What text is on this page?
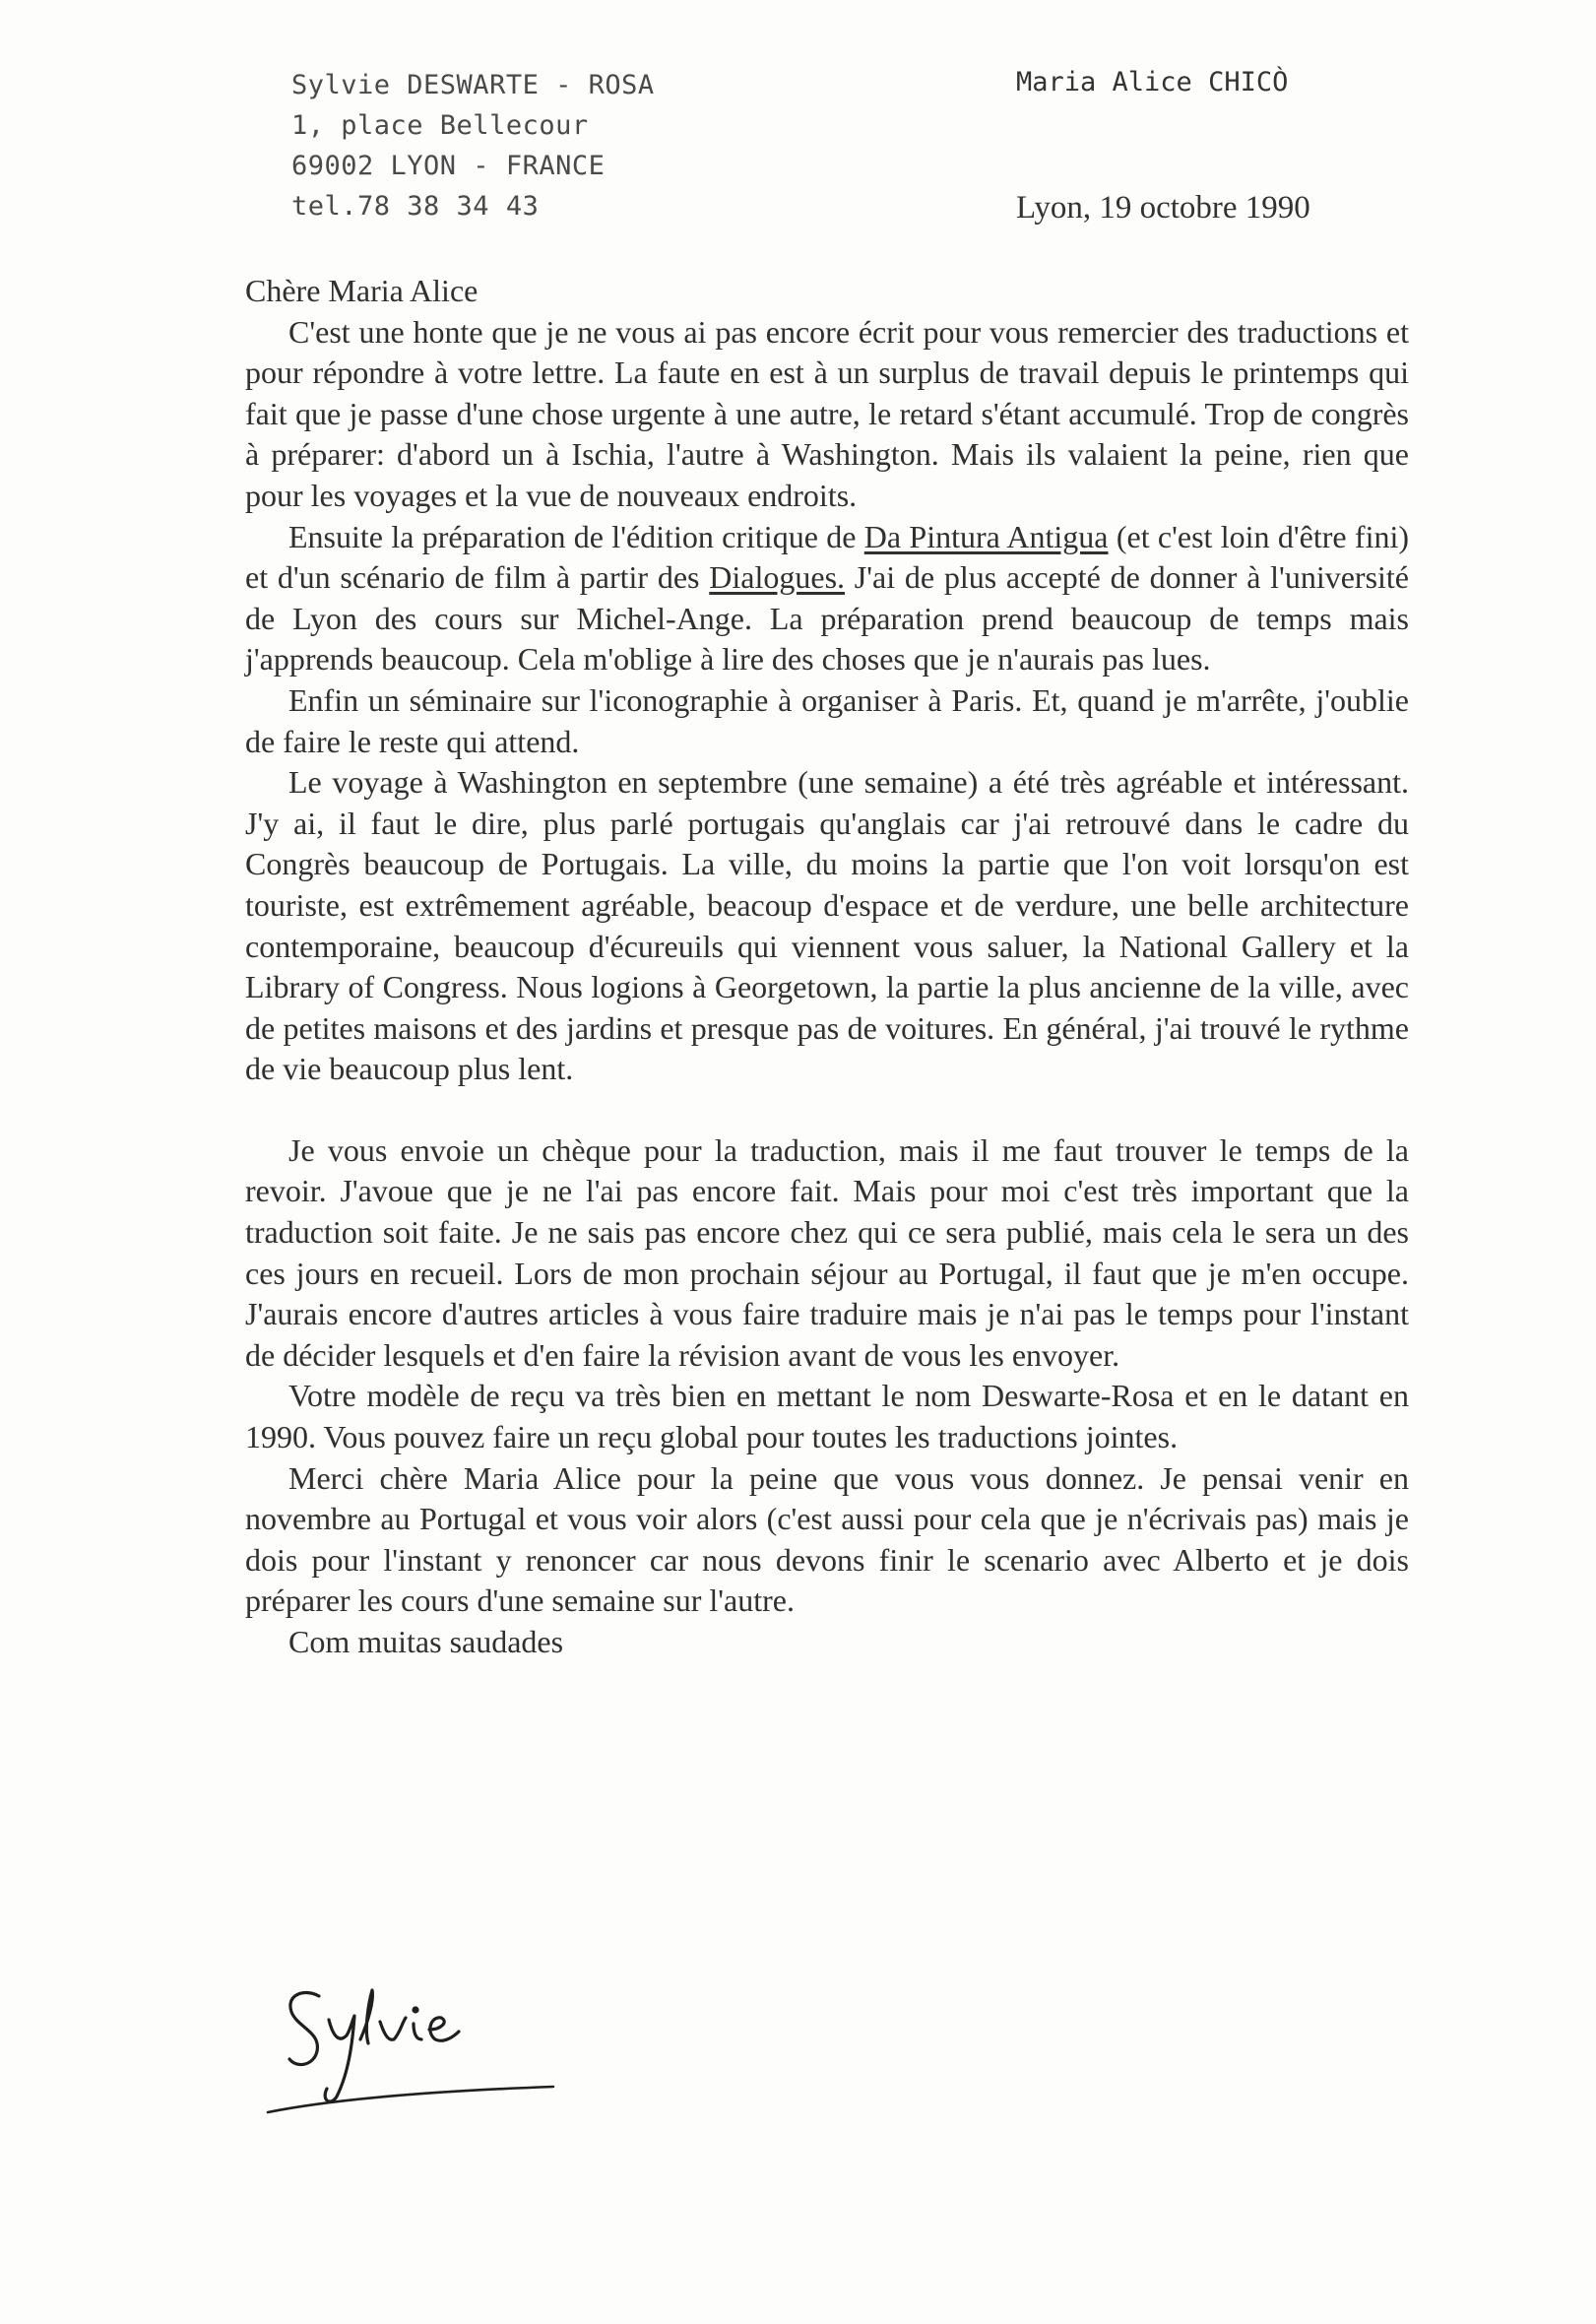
Sylvie DESWARTE - ROSA
1, place Bellecour
69002 LYON - FRANCE
tel.78 38 34 43
Maria Alice CHICÒ
Lyon, 19 octobre 1990

Chère Maria Alice

C'est une honte que je ne vous ai pas encore écrit pour vous remercier des traductions et pour répondre à votre lettre. La faute en est à un surplus de travail depuis le printemps qui fait que je passe d'une chose urgente à une autre, le retard s'étant accumulé. Trop de congrès à préparer: d'abord un à Ischia, l'autre à Washington. Mais ils valaient la peine, rien que pour les voyages et la vue de nouveaux endroits.

Ensuite la préparation de l'édition critique de Da Pintura Antigua (et c'est loin d'être fini) et d'un scénario de film à partir des Dialogues. J'ai de plus accepté de donner à l'université de Lyon des cours sur Michel-Ange. La préparation prend beaucoup de temps mais j'apprends beaucoup. Cela m'oblige à lire des choses que je n'aurais pas lues.

Enfin un séminaire sur l'iconographie à organiser à Paris. Et, quand je m'arrête, j'oublie de faire le reste qui attend.

Le voyage à Washington en septembre (une semaine) a été très agréable et intéressant. J'y ai, il faut le dire, plus parlé portugais qu'anglais car j'ai retrouvé dans le cadre du Congrès beaucoup de Portugais. La ville, du moins la partie que l'on voit lorsqu'on est touriste, est extrêmement agréable, beacoup d'espace et de verdure, une belle architecture contemporaine, beaucoup d'écureuils qui viennent vous saluer, la National Gallery et la Library of Congress. Nous logions à Georgetown, la partie la plus ancienne de la ville, avec de petites maisons et des jardins et presque pas de voitures. En général, j'ai trouvé le rythme de vie beaucoup plus lent.

Je vous envoie un chèque pour la traduction, mais il me faut trouver le temps de la revoir. J'avoue que je ne l'ai pas encore fait. Mais pour moi c'est très important que la traduction soit faite. Je ne sais pas encore chez qui ce sera publié, mais cela le sera un des ces jours en recueil. Lors de mon prochain séjour au Portugal, il faut que je m'en occupe. J'aurais encore d'autres articles à vous faire traduire mais je n'ai pas le temps pour l'instant de décider lesquels et d'en faire la révision avant de vous les envoyer.

Votre modèle de reçu va très bien en mettant le nom Deswarte-Rosa et en le datant en 1990. Vous pouvez faire un reçu global pour toutes les traductions jointes.

Merci chère Maria Alice pour la peine que vous vous donnez. Je pensai venir en novembre au Portugal et vous voir alors (c'est aussi pour cela que je n'écrivais pas) mais je dois pour l'instant y renoncer car nous devons finir le scenario avec Alberto et je dois préparer les cours d'une semaine sur l'autre.

Com muitas saudades
